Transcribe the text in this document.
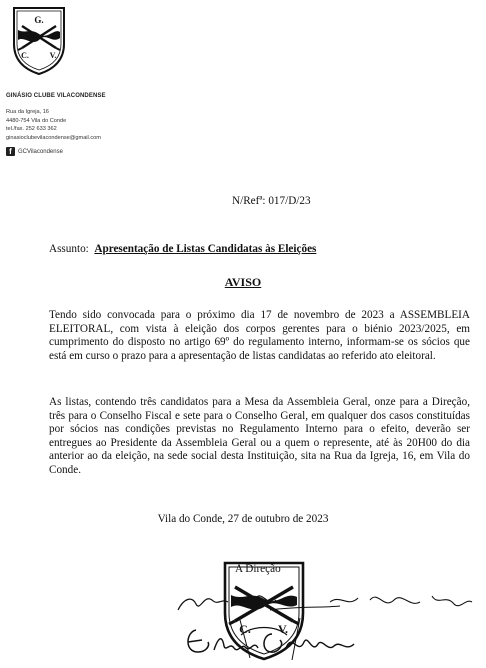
G.
C.	V.
GINÁSIO CLUBE VILACONDENSE
Rua da Igreja, 16
4480-754 Vila do Conde
tel./fax. 252 633 362
ginasioclubevilacondense@gmail.com
f	GCVilacondense
N/Refª: 017/D/23
Assunto: Apresentação de Listas Candidatas às Eleições
AVISO

Tendo sido convocada para o próximo dia 17 de novembro de 2023 a ASSEMBLEIA ELEITORAL, com vista à eleição dos corpos gerentes para o biénio 2023/2025, em cumprimento do disposto no artigo 69º do regulamento interno, informam-se os sócios que está em curso o prazo para a apresentação de listas candidatas ao referido ato eleitoral.

As listas, contendo três candidatos para a Mesa da Assembleia Geral, onze para a Direção, três para o Conselho Fiscal e sete para o Conselho Geral, em qualquer dos casos constituídas por sócios nas condições previstas no Regulamento Interno para o efeito, deverão ser entregues ao Presidente da Assembleia Geral ou a quem o represente, até às 20H00 do dia anterior ao da eleição, na sede social desta Instituição, sita na Rua da Igreja, 16, em Vila do Conde.

Vila do Conde, 27 de outubro de 2023
C. V.
A Direção
